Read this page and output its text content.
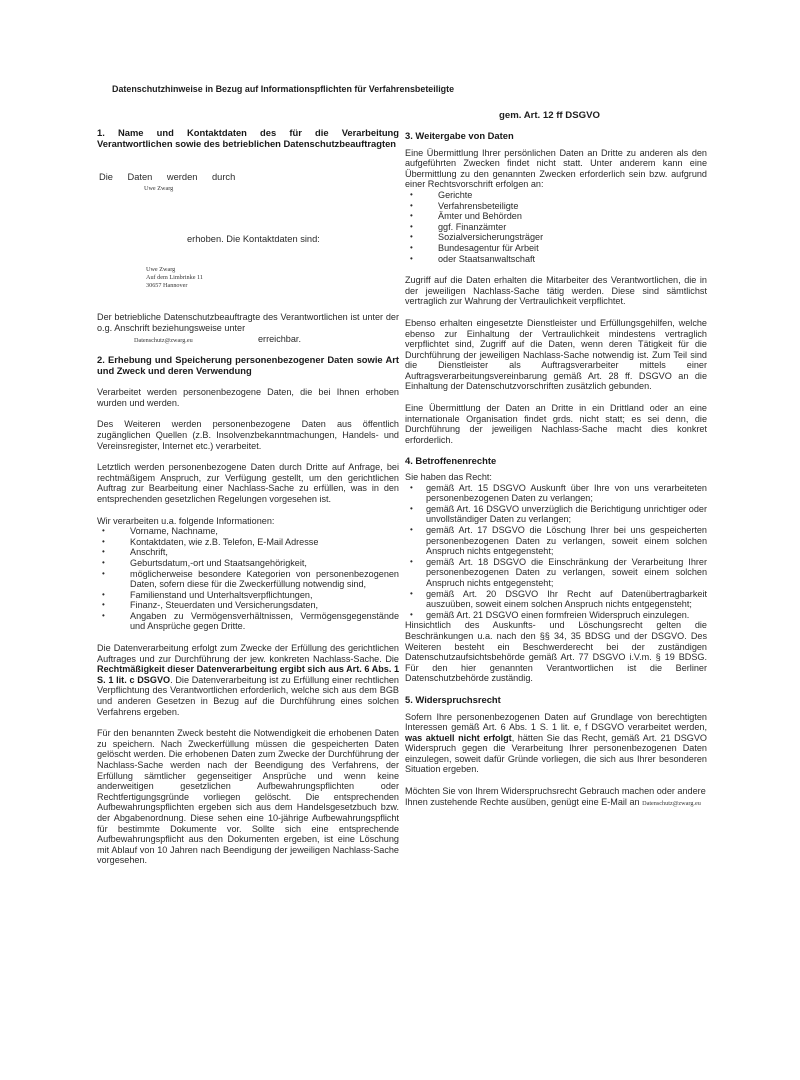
Datenschutzhinweise in Bezug auf Informationspflichten für Verfahrensbeteiligte
gem. Art. 12 ff DSGVO

1. Name und Kontaktdaten des für die Verarbeitung Verantwortlichen sowie des betrieblichen Datenschutzbeauftragten

Die Daten werden durch
Uwe Zwarg
erhoben. Die Kontaktdaten sind:
Uwe Zwarg
Auf dem Limbrinke 11
30657 Hannover

Der betriebliche Datenschutzbeauftragte des Verantwortlichen ist unter der o.g. Anschrift beziehungsweise unter

Datenschutz@zwarg.eu	erreichbar.

2. Erhebung und Speicherung personenbezogener Daten sowie Art und Zweck und deren Verwendung

Verarbeitet werden personenbezogene Daten, die bei Ihnen erhoben wurden und werden.

Des Weiteren werden personenbezogene Daten aus öffentlich zugänglichen Quellen (z.B. Insolvenzbekanntmachungen, Handels- und Vereinsregister, Internet etc.) verarbeitet.

Letztlich werden personenbezogene Daten durch Dritte auf Anfrage, bei rechtmäßigem Anspruch, zur Verfügung gestellt, um den gerichtlichen Auftrag zur Bearbeitung einer Nachlass-Sache zu erfüllen, was in den entsprechenden gesetzlichen Regelungen vorgesehen ist.

Wir verarbeiten u.a. folgende Informationen:

• Vorname, Nachname,
• Kontaktdaten, wie z.B. Telefon, E-Mail Adresse
• Anschrift,
• Geburtsdatum,-ort und Staatsangehörigkeit,
• möglicherweise besondere Kategorien von personenbezogenen Daten, sofern diese für die Zweckerfüllung notwendig sind,
• Familienstand und Unterhaltsverpflichtungen,
• Finanz-, Steuerdaten und Versicherungsdaten,
• Angaben zu Vermögensverhältnissen, Vermögensgegenstände und Ansprüche gegen Dritte.

Die Datenverarbeitung erfolgt zum Zwecke der Erfüllung des gerichtlichen Auftrages und zur Durchführung der jew. konkreten Nachlass-Sache. Die Rechtmäßigkeit dieser Datenverarbeitung ergibt sich aus Art. 6 Abs. 1 S. 1 lit. c DSGVO. Die Datenverarbeitung ist zu Erfüllung einer rechtlichen Verpflichtung des Verantwortlichen erforderlich, welche sich aus dem BGB und anderen Gesetzen in Bezug auf die Durchführung eines solchen Verfahrens ergeben.

Für den benannten Zweck besteht die Notwendigkeit die erhobenen Daten zu speichern. Nach Zweckerfüllung müssen die gespeicherten Daten gelöscht werden. Die erhobenen Daten zum Zwecke der Durchführung der Nachlass-Sache werden nach der Beendigung des Verfahrens, der Erfüllung sämtlicher gegenseitiger Ansprüche und wenn keine anderweitigen gesetzlichen Aufbewahrungspflichten oder Rechtfertigungsgründe vorliegen gelöscht. Die entsprechenden Aufbewahrungspflichten ergeben sich aus dem Handelsgesetzbuch bzw. der Abgabenordnung. Diese sehen eine 10-jährige Aufbewahrungspflicht für bestimmte Dokumente vor. Sollte sich eine entsprechende Aufbewahrungspflicht aus den Dokumenten ergeben, ist eine Löschung mit Ablauf von 10 Jahren nach Beendigung der jeweiligen Nachlass-Sache vorgesehen.

3. Weitergabe von Daten

Eine Übermittlung Ihrer persönlichen Daten an Dritte zu anderen als den aufgeführten Zwecken findet nicht statt. Unter anderem kann eine Übermittlung zu den genannten Zwecken erforderlich sein bzw. aufgrund einer Rechtsvorschrift erfolgen an:

• Gerichte
• Verfahrensbeteiligte
• Ämter und Behörden
• ggf. Finanzämter
• Sozialversicherungsträger
• Bundesagentur für Arbeit
• oder Staatsanwaltschaft

Zugriff auf die Daten erhalten die Mitarbeiter des Verantwortlichen, die in der jeweiligen Nachlass-Sache tätig werden. Diese sind sämtlichst vertraglich zur Wahrung der Vertraulichkeit verpflichtet.

Ebenso erhalten eingesetzte Dienstleister und Erfüllungsgehilfen, welche ebenso zur Einhaltung der Vertraulichkeit mindestens vertraglich verpflichtet sind, Zugriff auf die Daten, wenn deren Tätigkeit für die Durchführung der jeweiligen Nachlass-Sache notwendig ist. Zum Teil sind die Dienstleister als Auftragsverarbeiter mittels einer Auftragsverarbeitungsvereinbarung gemäß Art. 28 ff. DSGVO an die Einhaltung der Datenschutzvorschriften zusätzlich gebunden.

Eine Übermittlung der Daten an Dritte in ein Drittland oder an eine internationale Organisation findet grds. nicht statt; es sei denn, die Durchführung der jeweiligen Nachlass-Sache macht dies konkret erforderlich.

4. Betroffenenrechte

Sie haben das Recht:

• gemäß Art. 15 DSGVO Auskunft über Ihre von uns verarbeiteten personenbezogenen Daten zu verlangen;
• gemäß Art. 16 DSGVO unverzüglich die Berichtigung unrichtiger oder unvollständiger Daten zu verlangen;
• gemäß Art. 17 DSGVO die Löschung Ihrer bei uns gespeicherten personenbezogenen Daten zu verlangen, soweit einem solchen Anspruch nichts entgegensteht;
• gemäß Art. 18 DSGVO die Einschränkung der Verarbeitung Ihrer personenbezogenen Daten zu verlangen, soweit einem solchen Anspruch nichts entgegensteht;
• gemäß Art. 20 DSGVO Ihr Recht auf Datenübertragbarkeit auszuüben, soweit einem solchen Anspruch nichts entgegensteht;
• gemäß Art. 21 DSGVO einen formfreien Widerspruch einzulegen.

Hinsichtlich des Auskunfts- und Löschungsrecht gelten die Beschränkungen u.a. nach den §§ 34, 35 BDSG und der DSGVO. Des Weiteren besteht ein Beschwerderecht bei der zuständigen Datenschutzaufsichtsbehörde gemäß Art. 77 DSGVO i.V.m. § 19 BDSG. Für den hier genannten Verantwortlichen ist die Berliner Datenschutzbehörde zuständig.

5. Widerspruchsrecht

Sofern Ihre personenbezogenen Daten auf Grundlage von berechtigten Interessen gemäß Art. 6 Abs. 1 S. 1 lit. e, f DSGVO verarbeitet werden, was aktuell nicht erfolgt, hätten Sie das Recht, gemäß Art. 21 DSGVO Widerspruch gegen die Verarbeitung Ihrer personenbezogenen Daten einzulegen, soweit dafür Gründe vorliegen, die sich aus Ihrer besonderen Situation ergeben.

Möchten Sie von Ihrem Widerspruchsrecht Gebrauch machen oder andere Ihnen zustehende Rechte ausüben, genügt eine E-Mail an Datenschutz@zwarg.eu
